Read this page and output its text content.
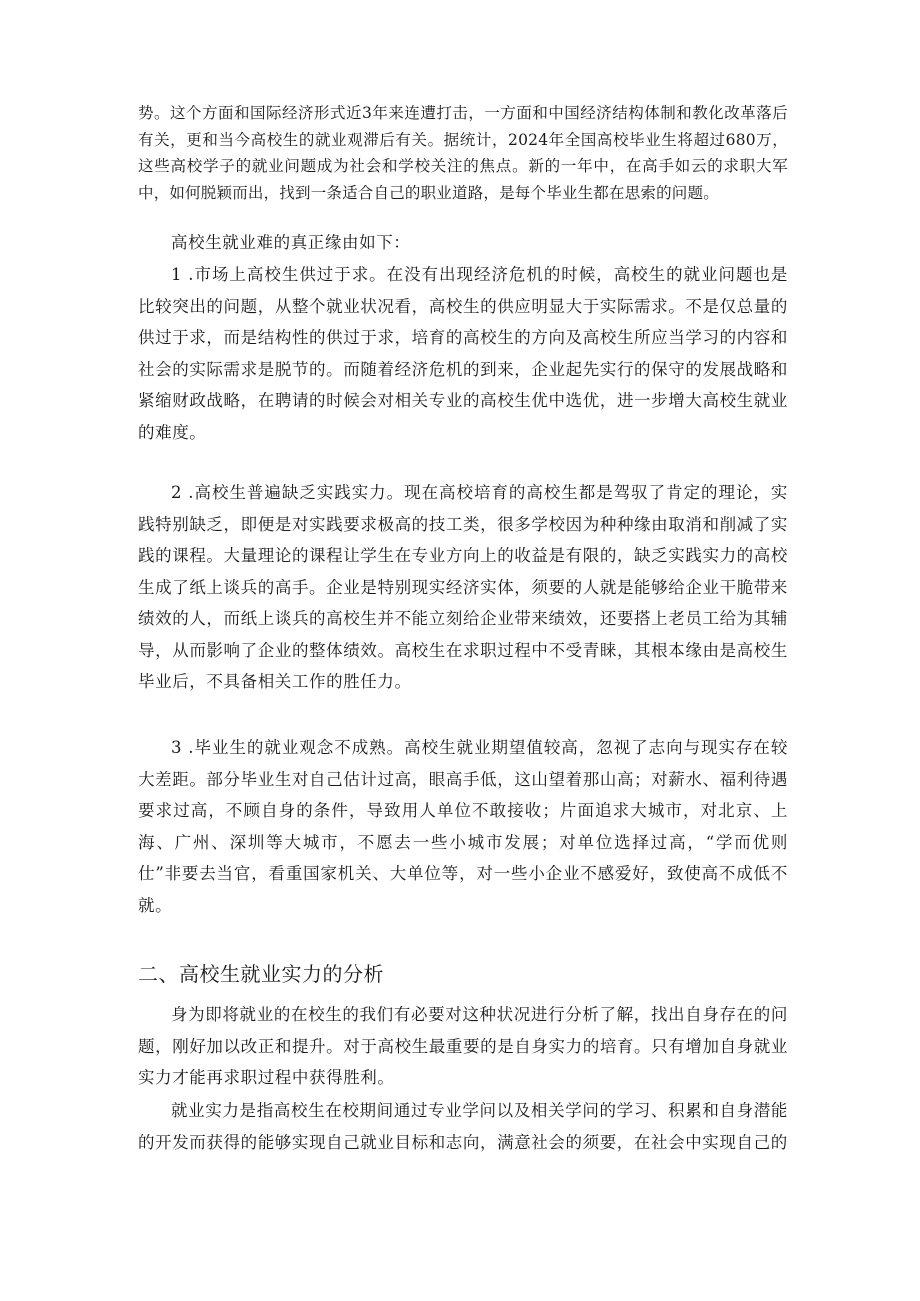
势。这个方面和国际经济形式近3年来连遭打击，一方面和中国经济结构体制和教化改革落后有关，更和当今高校生的就业观滞后有关。据统计，2024年全国高校毕业生将超过680万，这些高校学子的就业问题成为社会和学校关注的焦点。新的一年中，在高手如云的求职大军中，如何脱颖而出，找到一条适合自己的职业道路，是每个毕业生都在思索的问题。

高校生就业难的真正缘由如下：

1 .市场上高校生供过于求。在没有出现经济危机的时候，高校生的就业问题也是比较突出的问题，从整个就业状况看，高校生的供应明显大于实际需求。不是仅总量的供过于求，而是结构性的供过于求，培育的高校生的方向及高校生所应当学习的内容和社会的实际需求是脱节的。而随着经济危机的到来，企业起先实行的保守的发展战略和紧缩财政战略，在聘请的时候会对相关专业的高校生优中选优，进一步增大高校生就业的难度。

2 .高校生普遍缺乏实践实力。现在高校培育的高校生都是驾驭了肯定的理论，实践特别缺乏，即便是对实践要求极高的技工类，很多学校因为种种缘由取消和削减了实践的课程。大量理论的课程让学生在专业方向上的收益是有限的，缺乏实践实力的高校生成了纸上谈兵的高手。企业是特别现实经济实体，须要的人就是能够给企业干脆带来绩效的人，而纸上谈兵的高校生并不能立刻给企业带来绩效，还要搭上老员工给为其辅导，从而影响了企业的整体绩效。高校生在求职过程中不受青睐，其根本缘由是高校生毕业后，不具备相关工作的胜任力。

3 .毕业生的就业观念不成熟。高校生就业期望值较高，忽视了志向与现实存在较大差距。部分毕业生对自己估计过高，眼高手低，这山望着那山高；对薪水、福利待遇要求过高，不顾自身的条件，导致用人单位不敢接收；片面追求大城市，对北京、上海、广州、深圳等大城市，不愿去一些小城市发展；对单位选择过高，“学而优则仕”非要去当官，看重国家机关、大单位等，对一些小企业不感爱好，致使高不成低不就。

二、高校生就业实力的分析

身为即将就业的在校生的我们有必要对这种状况进行分析了解，找出自身存在的问题，刚好加以改正和提升。对于高校生最重要的是自身实力的培育。只有增加自身就业实力才能再求职过程中获得胜利。

就业实力是指高校生在校期间通过专业学问以及相关学问的学习、积累和自身潜能的开发而获得的能够实现自己就业目标和志向，满意社会的须要，在社会中实现自己的
